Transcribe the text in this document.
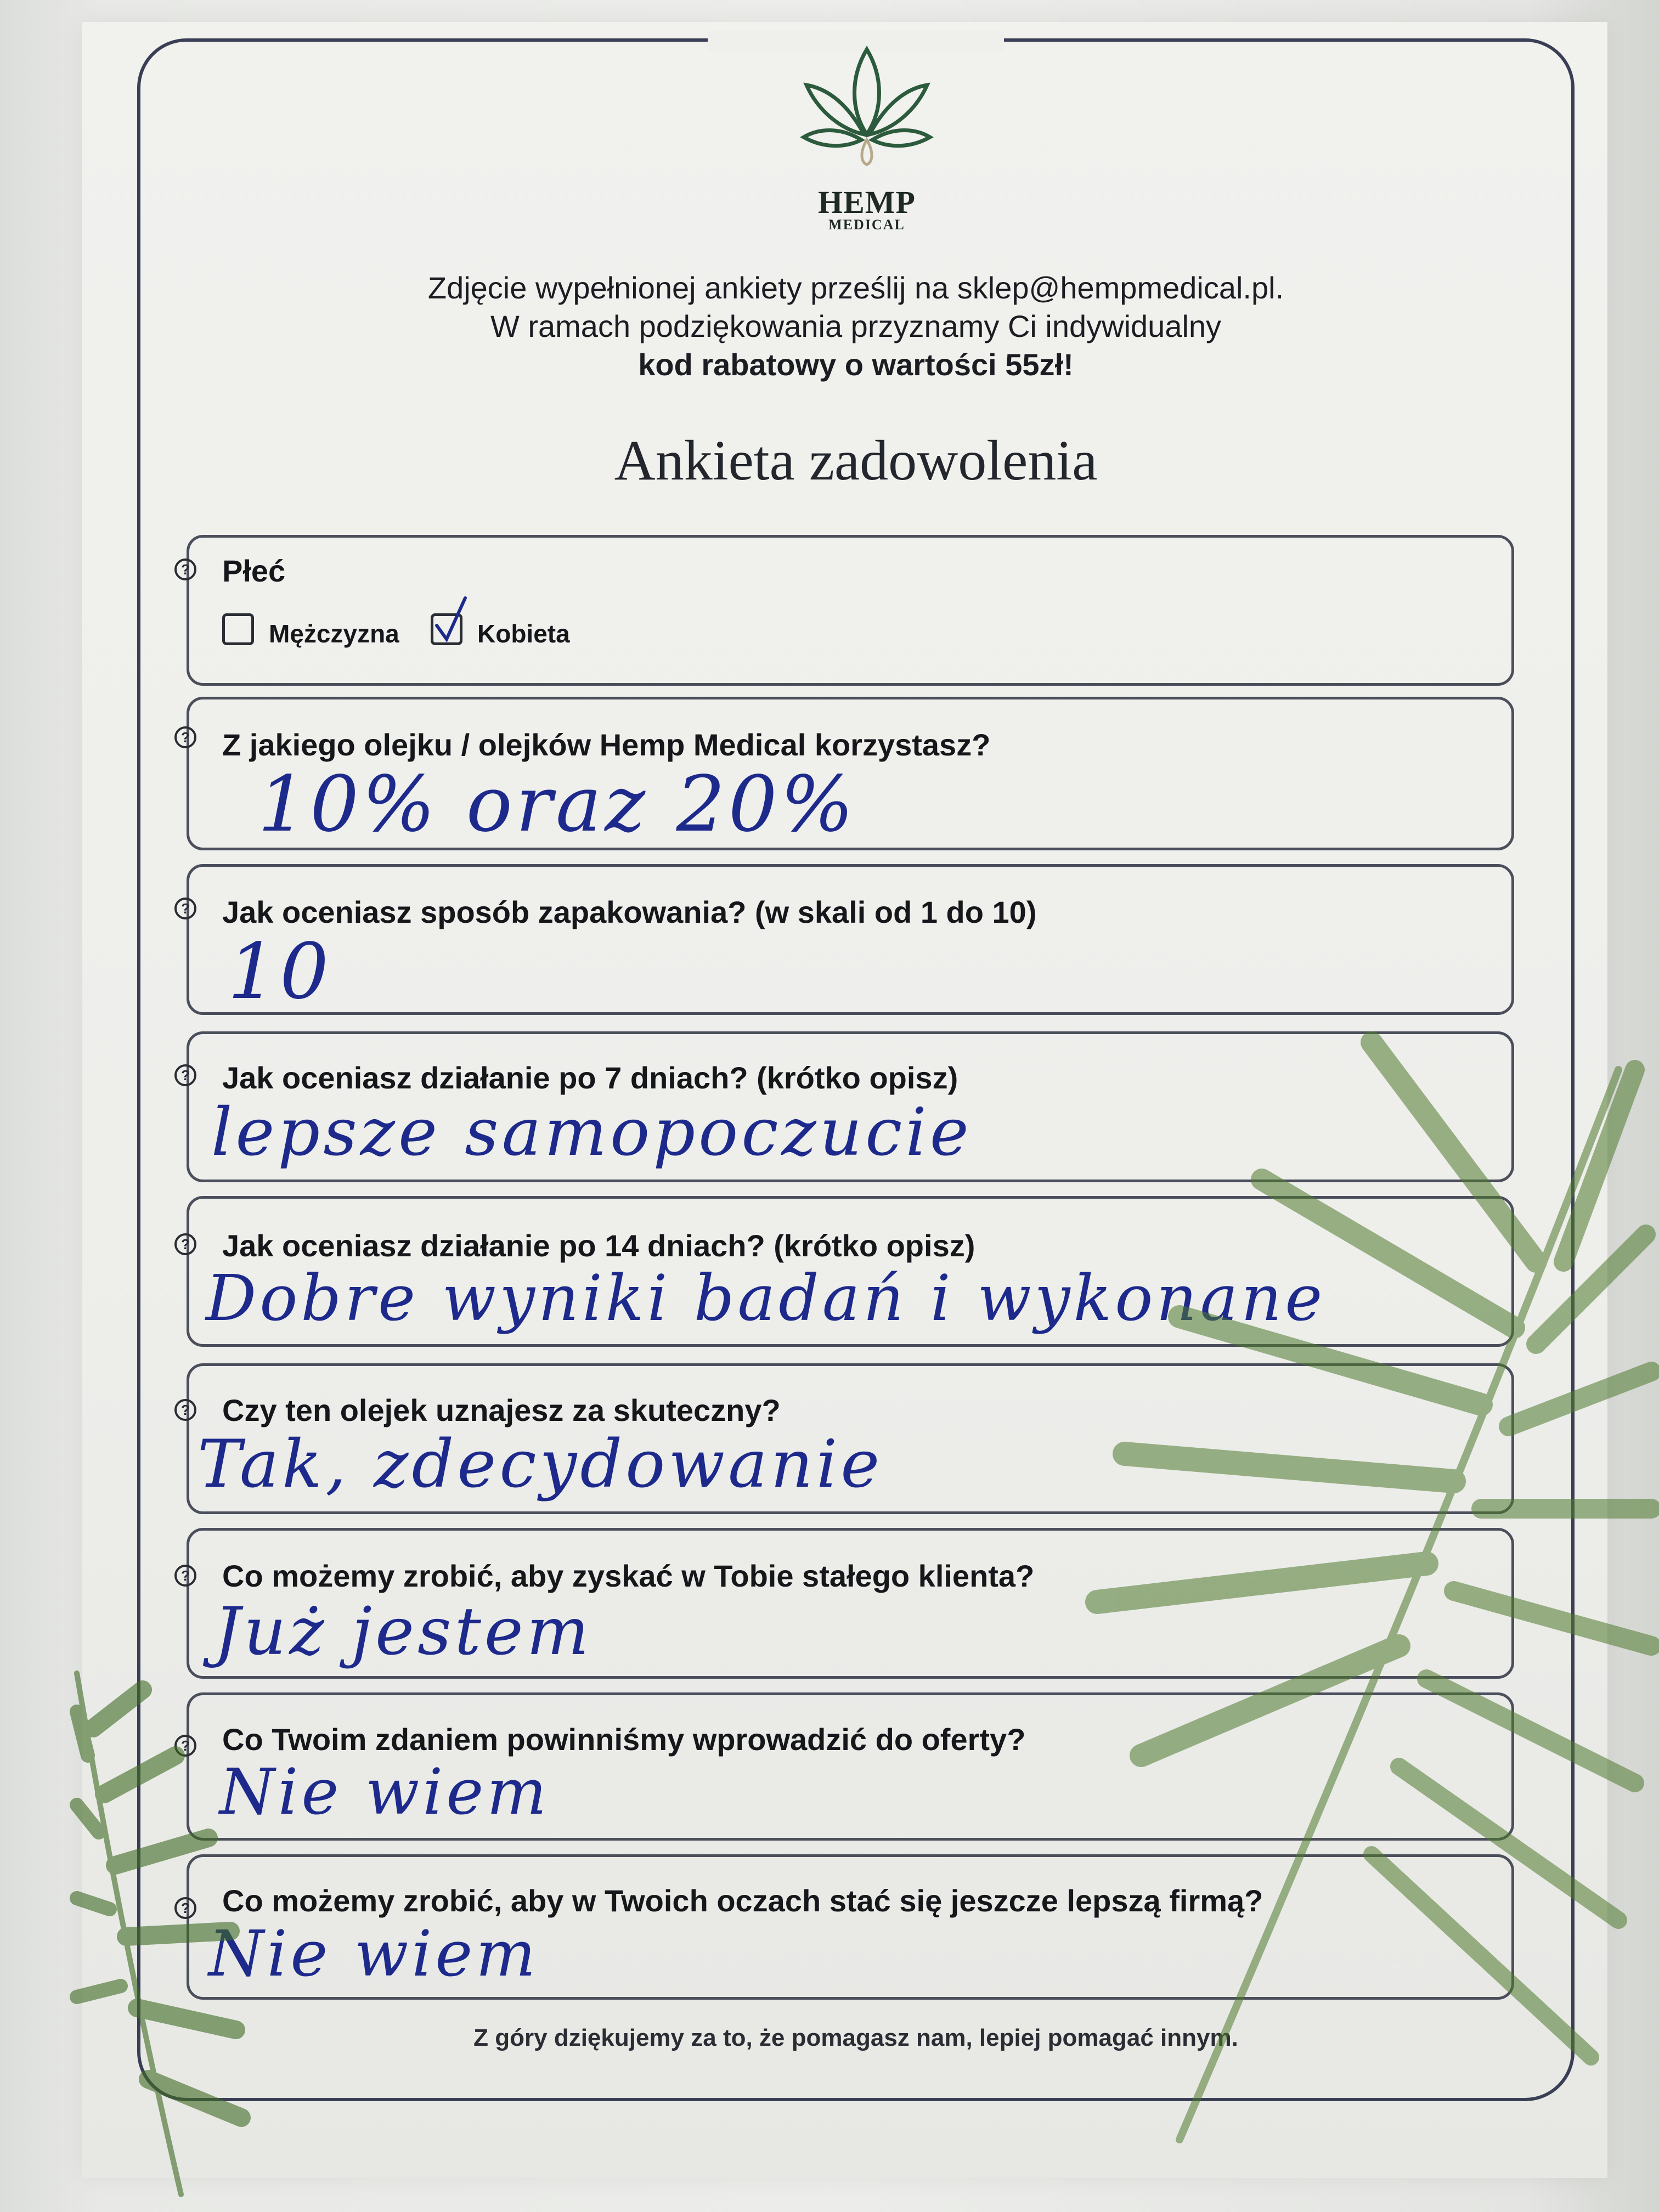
HEMP
MEDICAL
Zdjęcie wypełnionej ankiety prześlij na sklep@hempmedical.pl.
W ramach podziękowania przyznamy Ci indywidualny
kod rabatowy o wartości 55zł!
Ankieta zadowolenia
? Płeć
Mężczyzna	Kobieta
? Z jakiego olejku / olejków Hemp Medical korzystasz?
10% oraz 20%
? Jak oceniasz sposób zapakowania? (w skali od 1 do 10)
10
? Jak oceniasz działanie po 7 dniach? (krótko opisz)
lepsze samopoczucie
? Jak oceniasz działanie po 14 dniach? (krótko opisz)
Dobre wyniki badań i wykonane
? Czy ten olejek uznajesz za skuteczny?
Tak, zdecydowanie
? Co możemy zrobić, aby zyskać w Tobie stałego klienta?
Już jestem
? Co Twoim zdaniem powinniśmy wprowadzić do oferty?
Nie wiem
? Co możemy zrobić, aby w Twoich oczach stać się jeszcze lepszą firmą?
Nie wiem
Z góry dziękujemy za to, że pomagasz nam, lepiej pomagać innym.
